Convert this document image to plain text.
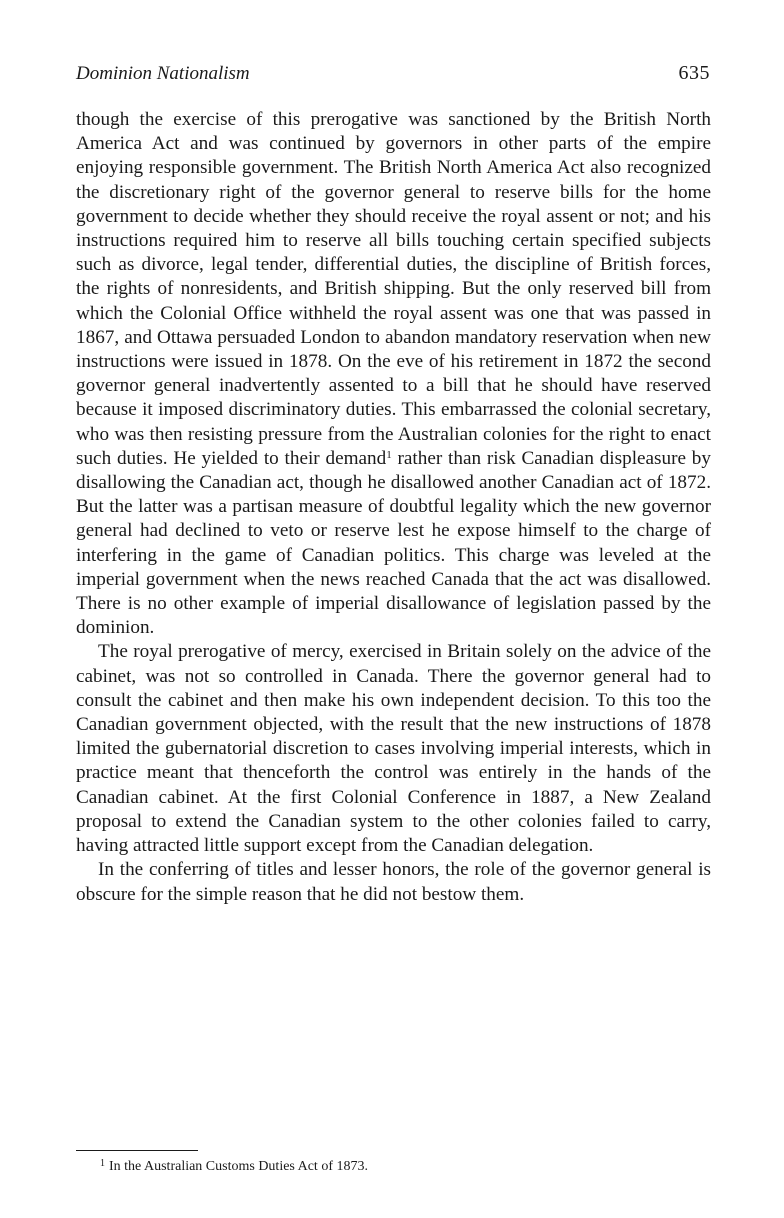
Dominion Nationalism	635

though the exercise of this prerogative was sanctioned by the British North America Act and was continued by governors in other parts of the empire enjoying responsible government. The British North America Act also recognized the discretionary right of the governor general to reserve bills for the home government to decide whether they should receive the royal assent or not; and his instructions required him to reserve all bills touching certain specified subjects such as divorce, legal tender, differential duties, the discipline of British forces, the rights of nonresidents, and British shipping. But the only reserved bill from which the Colonial Office withheld the royal assent was one that was passed in 1867, and Ottawa persuaded London to abandon mandatory reservation when new instructions were issued in 1878. On the eve of his retirement in 1872 the second governor general inadvertently assented to a bill that he should have reserved because it imposed discriminatory duties. This embarrassed the colonial secretary, who was then resisting pressure from the Australian colonies for the right to enact such duties. He yielded to their demand$^1$ rather than risk Canadian displeasure by disallowing the Canadian act, though he disallowed another Canadian act of 1872. But the latter was a partisan measure of doubtful legality which the new governor general had declined to veto or reserve lest he expose himself to the charge of interfering in the game of Canadian politics. This charge was leveled at the imperial government when the news reached Canada that the act was disallowed. There is no other example of imperial disallowance of legislation passed by the dominion.

The royal prerogative of mercy, exercised in Britain solely on the advice of the cabinet, was not so controlled in Canada. There the governor general had to consult the cabinet and then make his own independent decision. To this too the Canadian government objected, with the result that the new instructions of 1878 limited the gubernatorial discretion to cases involving imperial interests, which in practice meant that thenceforth the control was entirely in the hands of the Canadian cabinet. At the first Colonial Conference in 1887, a New Zealand proposal to extend the Canadian system to the other colonies failed to carry, having attracted little support except from the Canadian delegation.

In the conferring of titles and lesser honors, the role of the governor general is obscure for the simple reason that he did not bestow them.

$^1$ In the Australian Customs Duties Act of 1873.
